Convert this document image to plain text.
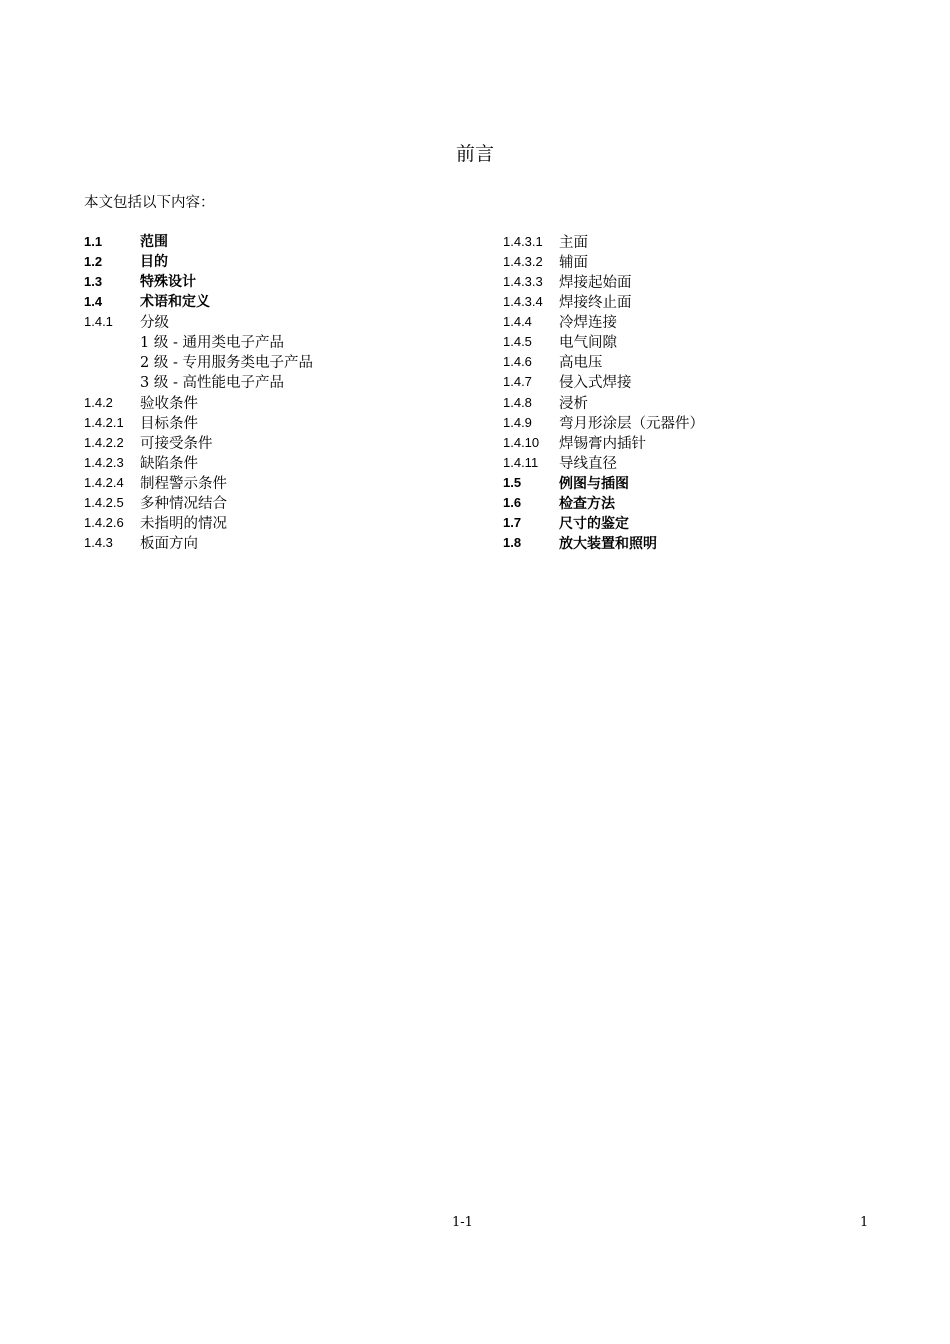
前言
本文包括以下内容：
1.1	范围
1.2	目的
1.3	特殊设计
1.4	术语和定义
1.4.1	分级
1 级 - 通用类电子产品
2 级 - 专用服务类电子产品
3 级 - 高性能电子产品
1.4.2	验收条件
1.4.2.1	目标条件
1.4.2.2	可接受条件
1.4.2.3	缺陷条件
1.4.2.4	制程警示条件
1.4.2.5	多种情况结合
1.4.2.6	未指明的情况
1.4.3	板面方向
1.4.3.1	主面
1.4.3.2	辅面
1.4.3.3	焊接起始面
1.4.3.4	焊接终止面
1.4.4	冷焊连接
1.4.5	电气间隙
1.4.6	高电压
1.4.7	侵入式焊接
1.4.8	浸析
1.4.9	弯月形涂层（元器件）
1.4.10	焊锡膏内插针
1.4.11	导线直径
1.5	例图与插图
1.6	检查方法
1.7	尺寸的鉴定
1.8	放大装置和照明
1-1	1
